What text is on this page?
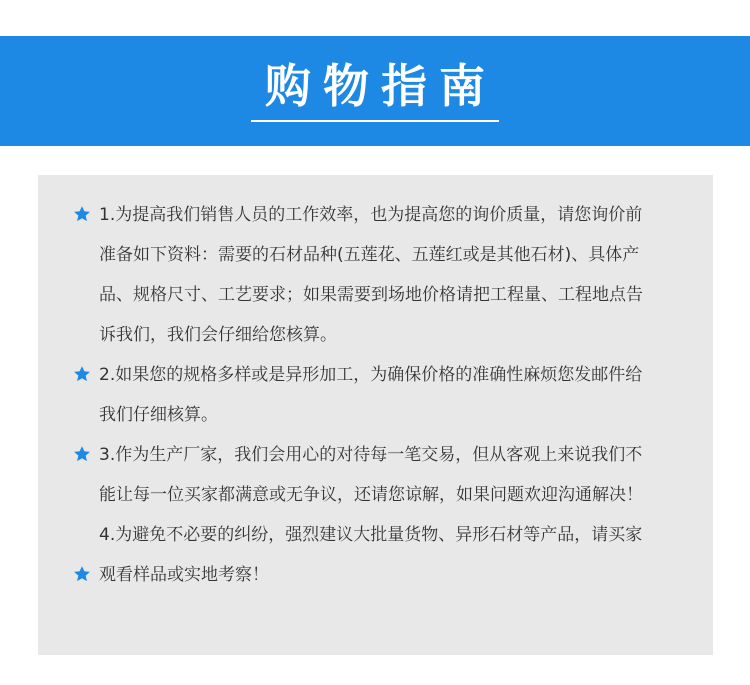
购物指南
1.为提高我们销售人员的工作效率，也为提高您的询价质量，请您询价前
准备如下资料：需要的石材品种(五莲花、五莲红或是其他石材)、具体产
品、规格尺寸、工艺要求；如果需要到场地价格请把工程量、工程地点告
诉我们，我们会仔细给您核算。
2.如果您的规格多样或是异形加工，为确保价格的准确性麻烦您发邮件给
我们仔细核算。
3.作为生产厂家，我们会用心的对待每一笔交易，但从客观上来说我们不
能让每一位买家都满意或无争议，还请您谅解，如果问题欢迎沟通解决！
4.为避免不必要的纠纷，强烈建议大批量货物、异形石材等产品，请买家
观看样品或实地考察！
